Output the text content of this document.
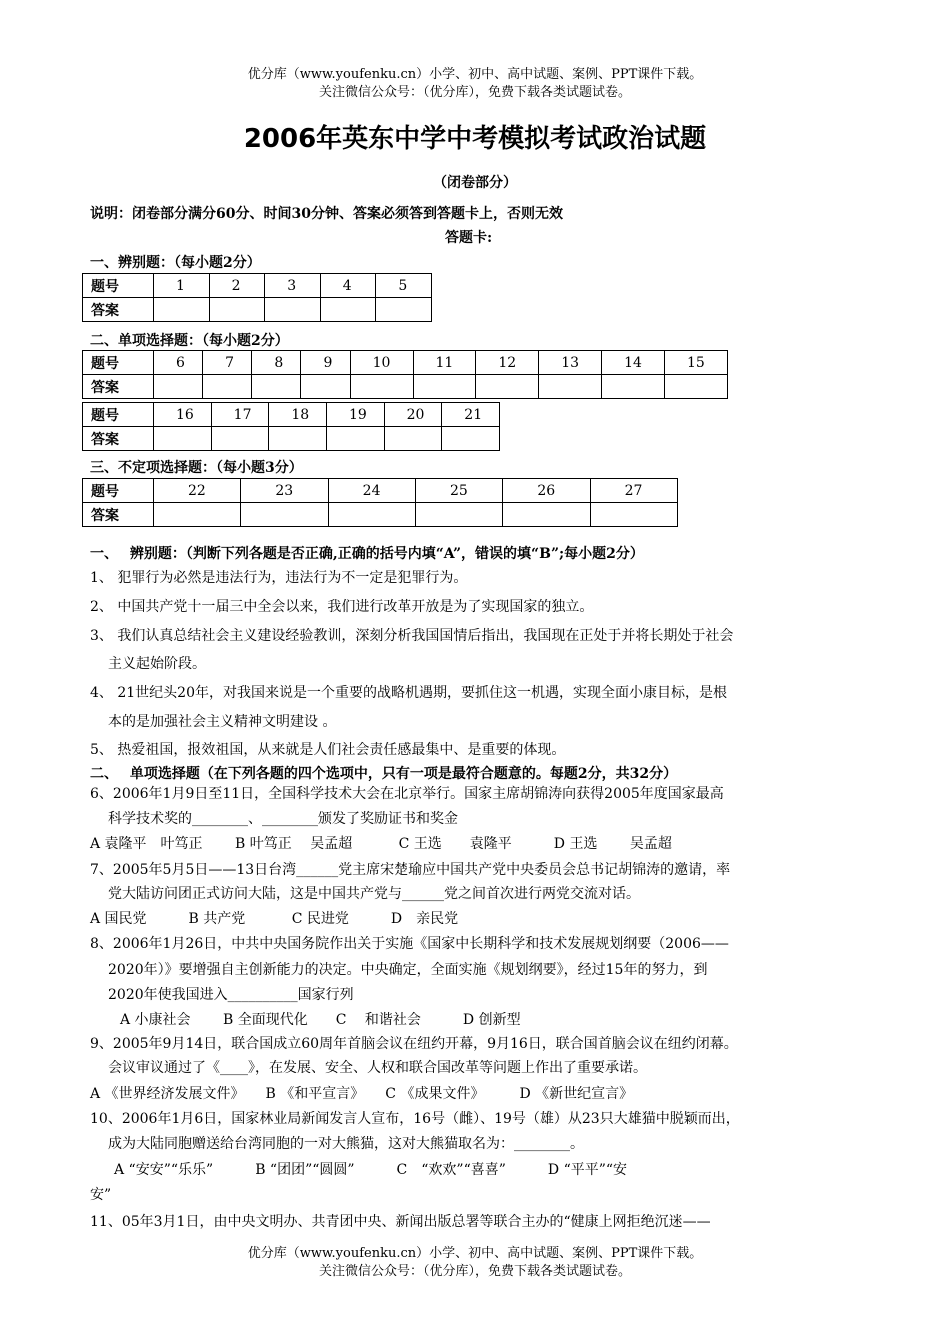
优分库（www.youfenku.cn）小学、初中、高中试题、案例、PPT课件下载。
关注微信公众号：（优分库），免费下载各类试题试卷。
2006年英东中学中考模拟考试政治试题
（闭卷部分）
说明：闭卷部分满分60分、时间30分钟、答案必须答到答题卡上，否则无效
答题卡:
一、辨别题：（每小题2分）
题号	1	2	3	4	5
答案					
二、单项选择题：（每小题2分）
题号	6	7	8	9	10	11	12	13	14	15
答案										
题号	16	17	18	19	20	21
答案						
三、不定项选择题：（每小题3分）
题号	22	23	24	25	26	27
答案						
一、　 辨别题：（判断下列各题是否正确,正确的括号内填“A”，错误的填“B”;每小题2分）
1、 犯罪行为必然是违法行为，违法行为不一定是犯罪行为。
2、 中国共产党十一届三中全会以来，我们进行改革开放是为了实现国家的独立。
3、 我们认真总结社会主义建设经验教训，深刻分析我国国情后指出，我国现在正处于并将长期处于社会
主义起始阶段。
4、 21世纪头20年，对我国来说是一个重要的战略机遇期，要抓住这一机遇，实现全面小康目标，是根
本的是加强社会主义精神文明建设 。
5、 热爱祖国，报效祖国，从来就是人们社会责任感最集中、是重要的体现。
二、　 单项选择题（在下列各题的四个选项中，只有一项是最符合题意的。每题2分，共32分）
6、2006年1月9日至11日，全国科学技术大会在北京举行。国家主席胡锦涛向获得2005年度国家最高
科学技术奖的________、________颁发了奖励证书和奖金
A 袁隆平　叶笃正　　 B 叶笃正　 吴孟超　　　 C 王选　　袁隆平　　　D 王选　　 吴孟超
7、2005年5月5日——13日台湾______党主席宋楚瑜应中国共产党中央委员会总书记胡锦涛的邀请，率
党大陆访问团正式访问大陆，这是中国共产党与______党之间首次进行两党交流对话。
A 国民党　　　B 共产党　　　 C 民进党　　　D　亲民党
8、2006年1月26日，中共中央国务院作出关于实施《国家中长期科学和技术发展规划纲要（2006——
2020年）》要增强自主创新能力的决定。中央确定，全面实施《规划纲要》，经过15年的努力，到
2020年使我国进入__________国家行列
A 小康社会　　 B 全面现代化　　C　 和谐社会　　　D 创新型
9、2005年9月14日，联合国成立60周年首脑会议在纽约开幕，9月16日，联合国首脑会议在纽约闭幕。
会议审议通过了《____》，在发展、安全、人权和联合国改革等问题上作出了重要承诺。
A 《世界经济发展文件》　　B 《和平宣言》　　C 《成果文件》　　　D 《新世纪宣言》
10、2006年1月6日，国家林业局新闻发言人宣布，16号（雌）、19号（雄）从23只大雄猫中脱颖而出，
成为大陆同胞赠送给台湾同胞的一对大熊猫，这对大熊猫取名为：________。
A “安安”“乐乐”　　　B “团团”“圆圆”　　　C　“欢欢”“喜喜”　　　D “平平”“安
安”
11、05年3月1日，由中央文明办、共青团中央、新闻出版总署等联合主办的“健康上网拒绝沉迷——
优分库（www.youfenku.cn）小学、初中、高中试题、案例、PPT课件下载。
关注微信公众号：（优分库），免费下载各类试题试卷。
